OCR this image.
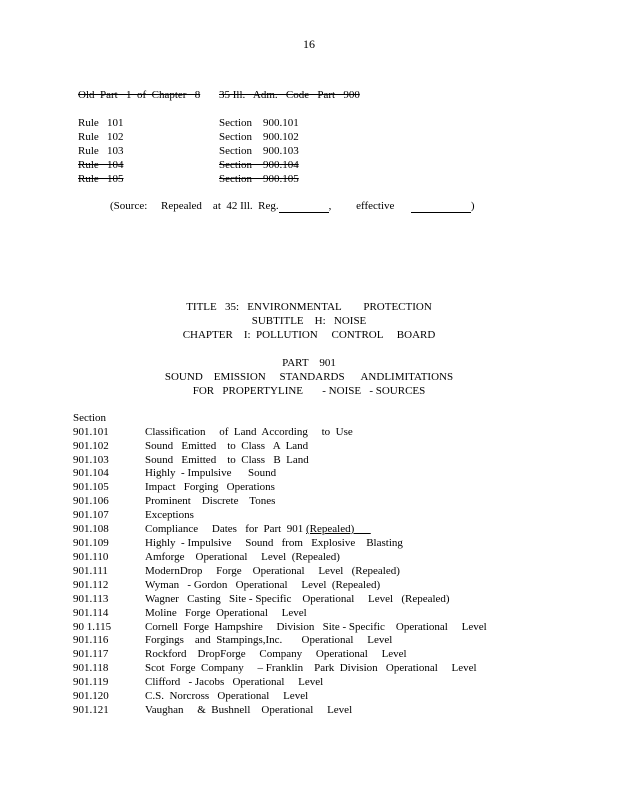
16
Old  Part   1  of  Chapter   8 35 Ill.   Adm.   Code   Part   900
Rule   101	Section    900.101
Rule   102	Section    900.102
Rule   103	Section    900.103
Rule   104	Section    900.104
Rule   105	Section    900.105
(Source:     Repealed    at  42 Ill.  Reg.	,         effective	)
TITLE   35:   ENVIRONMENTAL        PROTECTION
SUBTITLE    H:   NOISE
CHAPTER    I:  POLLUTION     CONTROL     BOARD
PART    901
SOUND    EMISSION     STANDARDS      ANDLIMITATIONS
FOR   PROPERTYLINE       - NOISE   - SOURCES
Section
901.101	Classification     of  Land  According     to  Use
901.102	Sound   Emitted    to  Class   A  Land
901.103	Sound   Emitted    to  Class   B  Land
901.104	Highly  - Impulsive      Sound
901.105	Impact   Forging   Operations
901.106	Prominent    Discrete    Tones
901.107	Exceptions
901.108	Compliance     Dates   for  Part  901 (Repealed)
901.109	Highly  - Impulsive     Sound   from   Explosive    Blasting
901.110	Amforge    Operational     Level  (Repealed)
901.111	ModernDrop     Forge    Operational     Level   (Repealed)
901.112	Wyman   - Gordon   Operational     Level  (Repealed)
901.113	Wagner   Casting   Site - Specific    Operational     Level   (Repealed)
901.114	Moline   Forge  Operational     Level
90 1.115	Cornell  Forge  Hampshire     Division   Site - Specific    Operational     Level
901.116	Forgings    and  Stampings,Inc.       Operational     Level
901.117	Rockford    DropForge     Company     Operational     Level
901.118	Scot  Forge  Company     – Franklin    Park  Division   Operational     Level
901.119	Clifford   - Jacobs   Operational     Level
901.120	C.S.  Norcross   Operational     Level
901.121	Vaughan     &  Bushnell    Operational     Level
